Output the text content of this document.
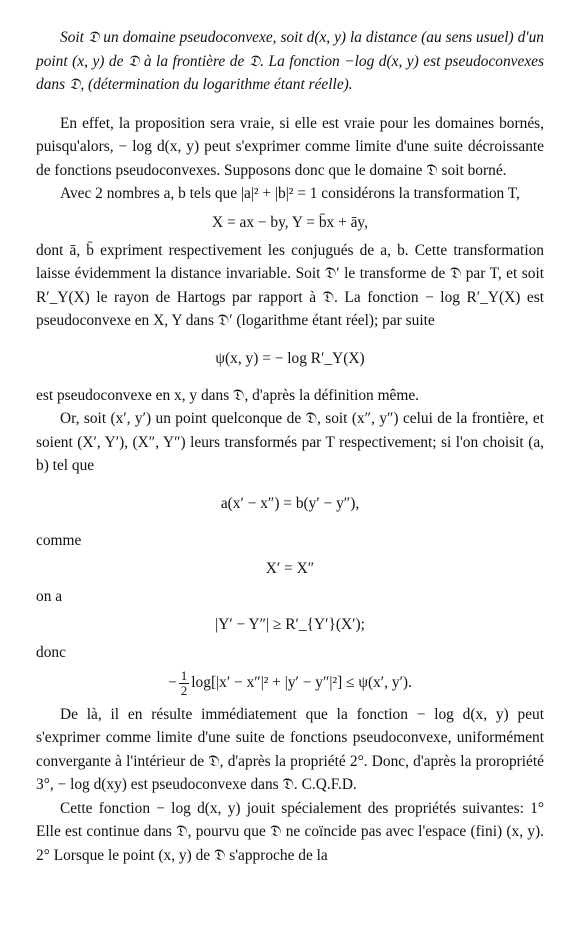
Soit 𝔇 un domaine pseudoconvexe, soit d(x, y) la distance (au sens usuel) d'un point (x, y) de 𝔇 à la frontière de 𝔇. La fonction −log d(x, y) est pseudoconvexes dans 𝔇, (détermination du logarithme étant réelle).

En effet, la proposition sera vraie, si elle est vraie pour les domaines bornés, puisqu'alors, − log d(x, y) peut s'exprimer comme limite d'une suite décroissante de fonctions pseudoconvexes. Supposons donc que le domaine 𝔇 soit borné.

Avec 2 nombres a, b tels que |a|² + |b|² = 1 considérons la transformation T,

X = ax − by, Y = b̄x + āy,

dont ā, b̄ expriment respectivement les conjugués de a, b. Cette transformation laisse évidemment la distance invariable. Soit 𝔇′ le transforme de 𝔇 par T, et soit R′_Y(X) le rayon de Hartogs par rapport à 𝔇. La fonction − log R′_Y(X) est pseudoconvexe en X, Y dans 𝔇′ (logarithme étant réel); par suite

ψ(x, y) = − log R′_Y(X)

est pseudoconvexe en x, y dans 𝔇, d'après la définition même.

Or, soit (x′, y′) un point quelconque de 𝔇, soit (x″, y″) celui de la frontière, et soient (X′, Y′), (X″, Y″) leurs transformés par T respectivement; si l'on choisit (a, b) tel que

a(x′ − x″) = b(y′ − y″),

comme

X′ = X″

on a

|Y′ − Y″| ≥ R′_{Y′}(X′);

donc

− $\frac{1}{2} \log[|x' - x''|^2 + |y' - y''|^2] \le \psi(x'$, y′).

De là, il en résulte immédiatement que la fonction − log d(x, y) peut s'exprimer comme limite d'une suite de fonctions pseudoconvexe, uniformément convergante à l'intérieur de 𝔇, d'après la propriété 2°. Donc, d'après la proropriété 3°, − log d(xy) est pseudoconvexe dans 𝔇. C.Q.F.D.

Cette fonction − log d(x, y) jouit spécialement des propriétés suivantes: 1° Elle est continue dans 𝔇, pourvu que 𝔇 ne coïncide pas avec l'espace (fini) (x, y). 2° Lorsque le point (x, y) de 𝔇 s'approche de la
